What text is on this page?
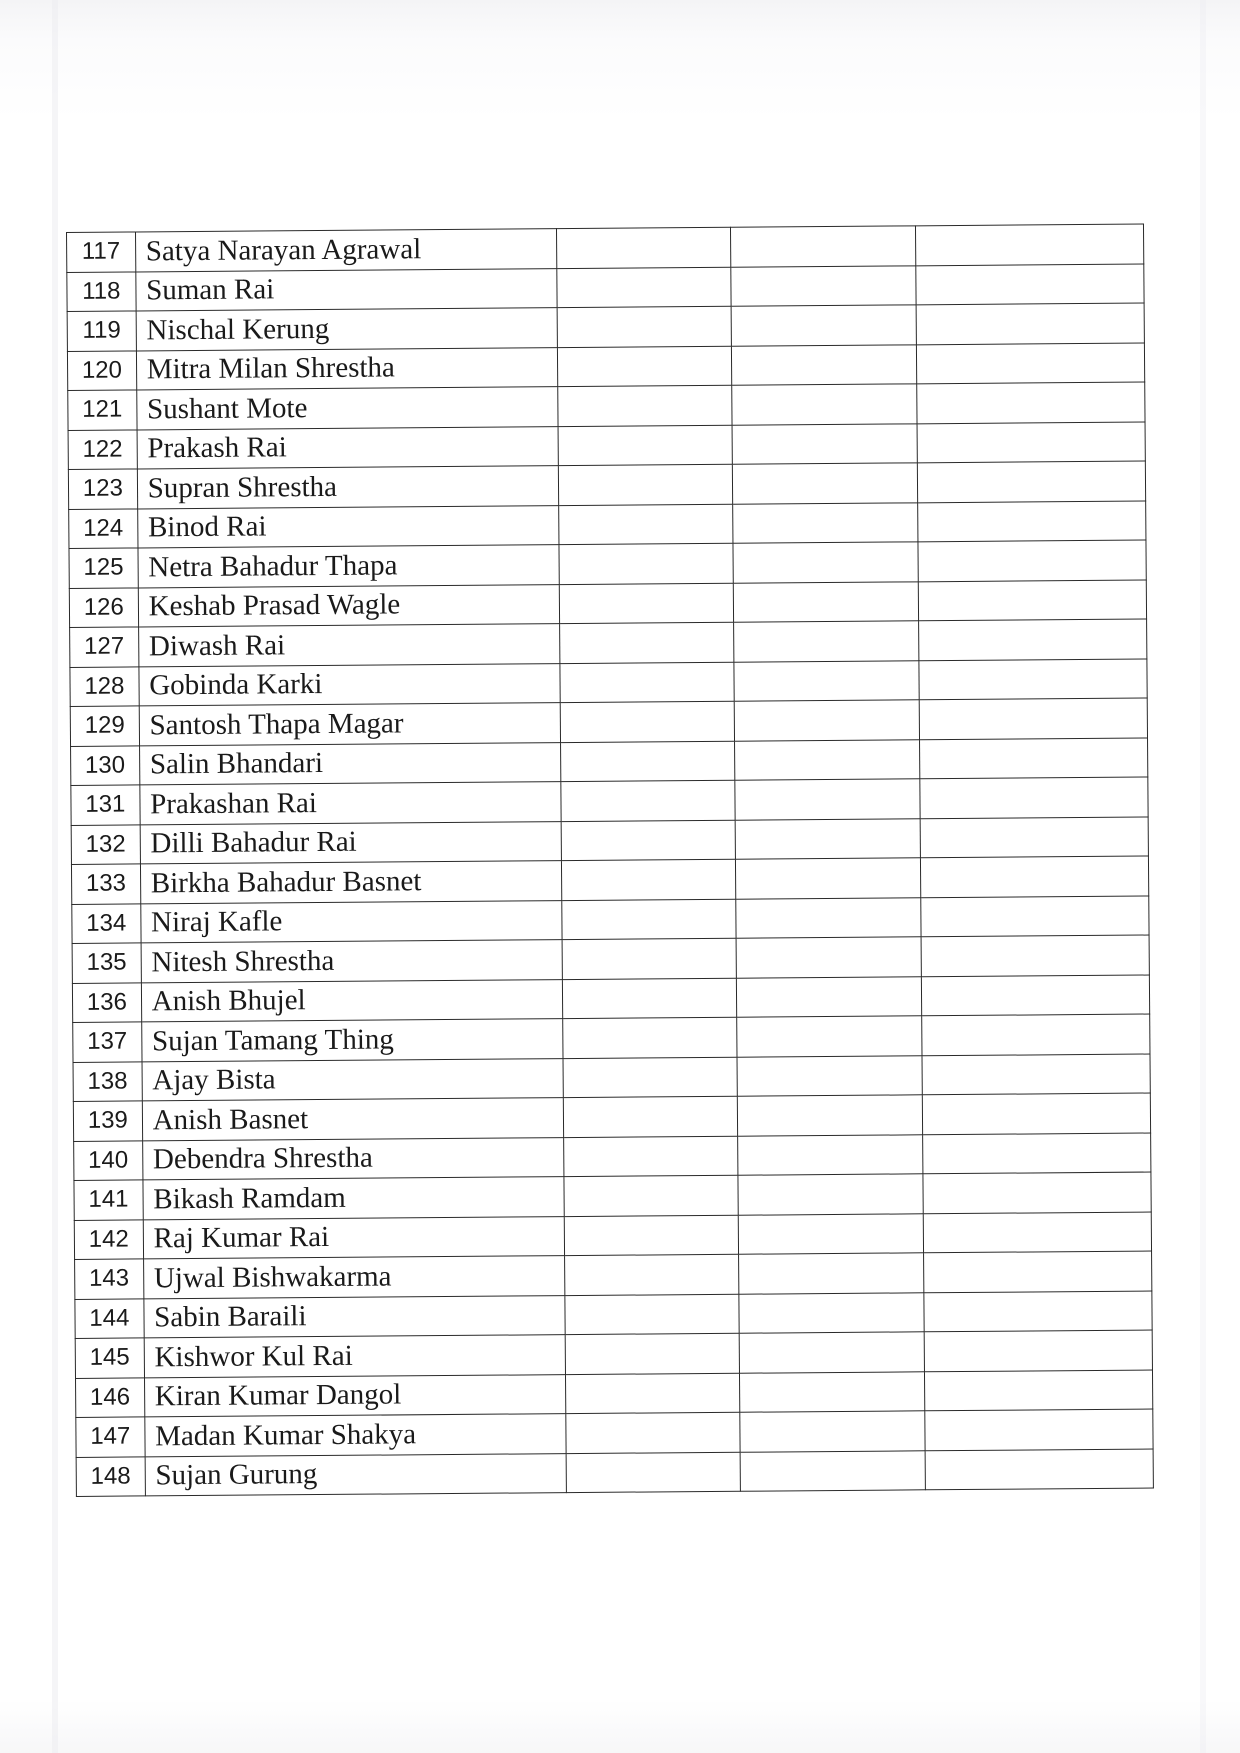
117	Satya Narayan Agrawal			
118	Suman Rai			
119	Nischal Kerung			
120	Mitra Milan Shrestha			
121	Sushant Mote			
122	Prakash Rai			
123	Supran Shrestha			
124	Binod Rai			
125	Netra Bahadur Thapa			
126	Keshab Prasad Wagle			
127	Diwash Rai			
128	Gobinda Karki			
129	Santosh Thapa Magar			
130	Salin Bhandari			
131	Prakashan Rai			
132	Dilli Bahadur Rai			
133	Birkha Bahadur Basnet			
134	Niraj Kafle			
135	Nitesh Shrestha			
136	Anish Bhujel			
137	Sujan Tamang Thing			
138	Ajay Bista			
139	Anish Basnet			
140	Debendra Shrestha			
141	Bikash Ramdam			
142	Raj Kumar Rai			
143	Ujwal Bishwakarma			
144	Sabin Baraili			
145	Kishwor Kul Rai			
146	Kiran Kumar Dangol			
147	Madan Kumar Shakya			
148	Sujan Gurung			
